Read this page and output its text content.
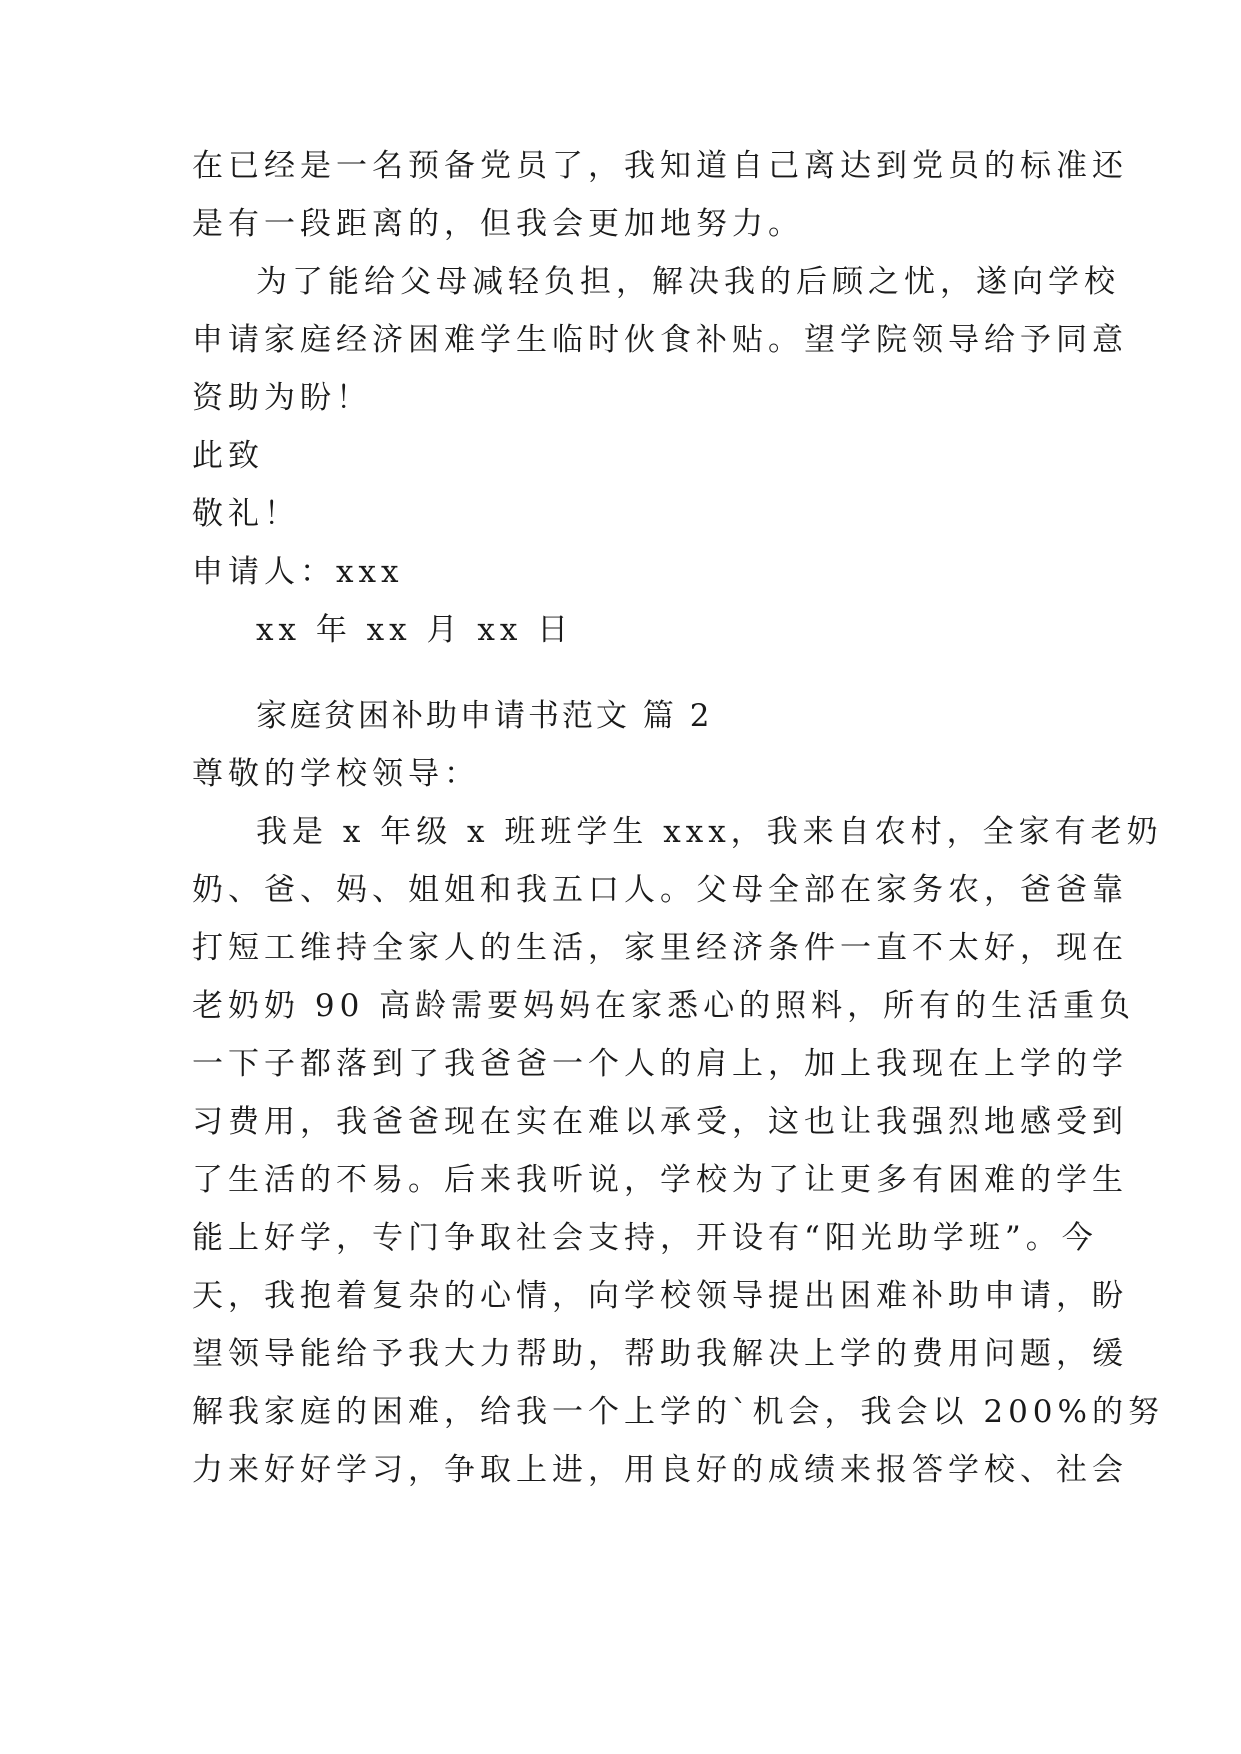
在已经是一名预备党员了，我知道自己离达到党员的标准还
是有一段距离的，但我会更加地努力。
为了能给父母减轻负担，解决我的后顾之忧，遂向学校
申请家庭经济困难学生临时伙食补贴。望学院领导给予同意
资助为盼！
此致
敬礼！
申请人：xxx
xx 年 xx 月 xx 日
家庭贫困补助申请书范文 篇 2
尊敬的学校领导：
我是 x 年级 x 班班学生 xxx，我来自农村，全家有老奶
奶、爸、妈、姐姐和我五口人。父母全部在家务农，爸爸靠
打短工维持全家人的生活，家里经济条件一直不太好，现在
老奶奶 90 高龄需要妈妈在家悉心的照料，所有的生活重负
一下子都落到了我爸爸一个人的肩上，加上我现在上学的学
习费用，我爸爸现在实在难以承受，这也让我强烈地感受到
了生活的不易。后来我听说，学校为了让更多有困难的学生
能上好学，专门争取社会支持，开设有“阳光助学班”。今
天，我抱着复杂的心情，向学校领导提出困难补助申请，盼
望领导能给予我大力帮助，帮助我解决上学的费用问题，缓
解我家庭的困难，给我一个上学的`机会，我会以 200%的努
力来好好学习，争取上进，用良好的成绩来报答学校、社会
